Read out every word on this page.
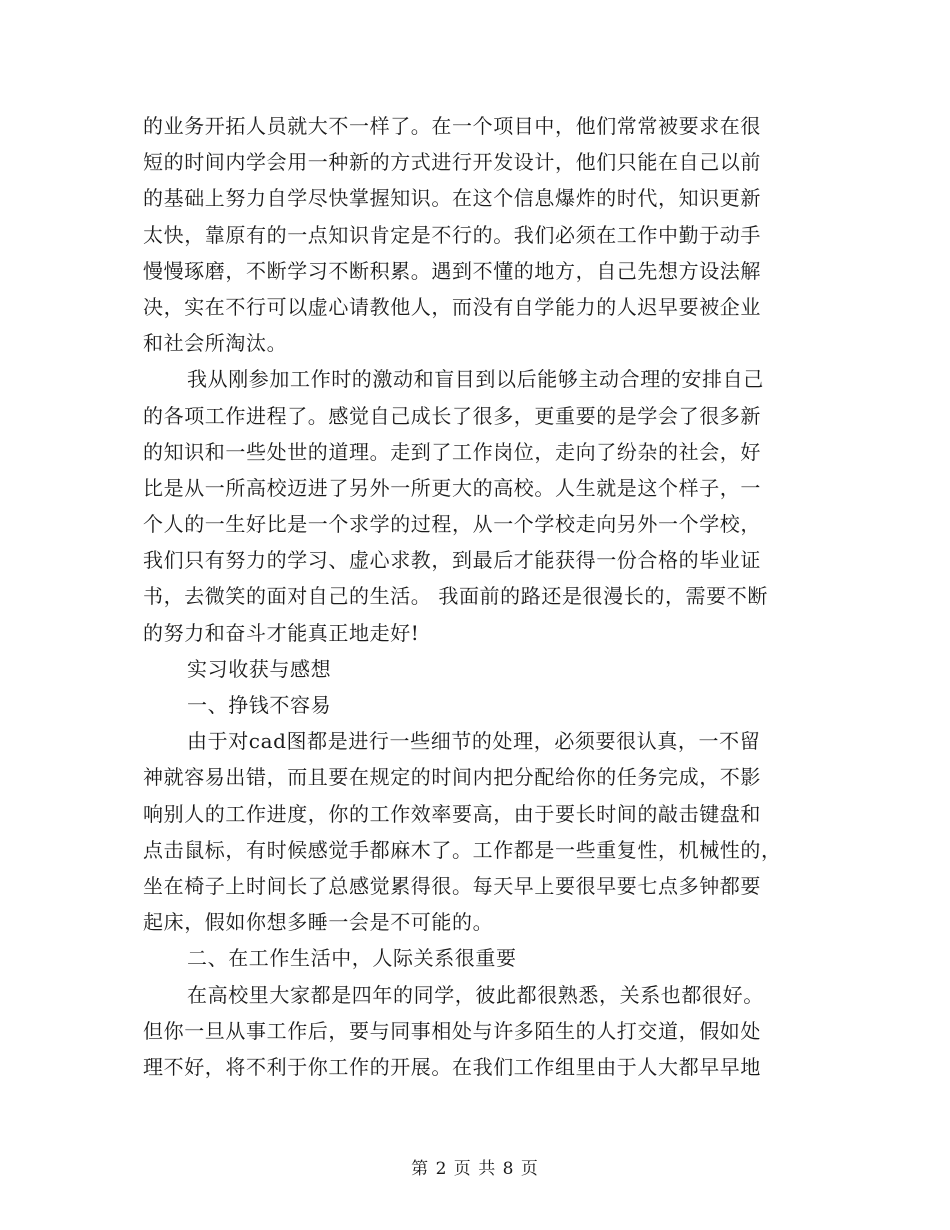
的业务开拓人员就大不一样了。在一个项目中，他们常常被要求在很
短的时间内学会用一种新的方式进行开发设计，他们只能在自己以前
的基础上努力自学尽快掌握知识。在这个信息爆炸的时代，知识更新
太快，靠原有的一点知识肯定是不行的。我们必须在工作中勤于动手
慢慢琢磨，不断学习不断积累。遇到不懂的地方，自己先想方设法解
决，实在不行可以虚心请教他人，而没有自学能力的人迟早要被企业
和社会所淘汰。
我从刚参加工作时的激动和盲目到以后能够主动合理的安排自己
的各项工作进程了。感觉自己成长了很多，更重要的是学会了很多新
的知识和一些处世的道理。走到了工作岗位，走向了纷杂的社会，好
比是从一所高校迈进了另外一所更大的高校。人生就是这个样子，一
个人的一生好比是一个求学的过程，从一个学校走向另外一个学校，
我们只有努力的学习、虚心求教，到最后才能获得一份合格的毕业证
书，去微笑的面对自己的生活。 我面前的路还是很漫长的，需要不断
的努力和奋斗才能真正地走好!
实习收获与感想
一、挣钱不容易
由于对cad图都是进行一些细节的处理，必须要很认真，一不留
神就容易出错，而且要在规定的时间内把分配给你的任务完成，不影
响别人的工作进度，你的工作效率要高，由于要长时间的敲击键盘和
点击鼠标，有时候感觉手都麻木了。工作都是一些重复性，机械性的，
坐在椅子上时间长了总感觉累得很。每天早上要很早要七点多钟都要
起床，假如你想多睡一会是不可能的。
二、在工作生活中，人际关系很重要
在高校里大家都是四年的同学，彼此都很熟悉，关系也都很好。
但你一旦从事工作后，要与同事相处与许多陌生的人打交道，假如处
理不好，将不利于你工作的开展。在我们工作组里由于人大都早早地
第 2 页 共 8 页
